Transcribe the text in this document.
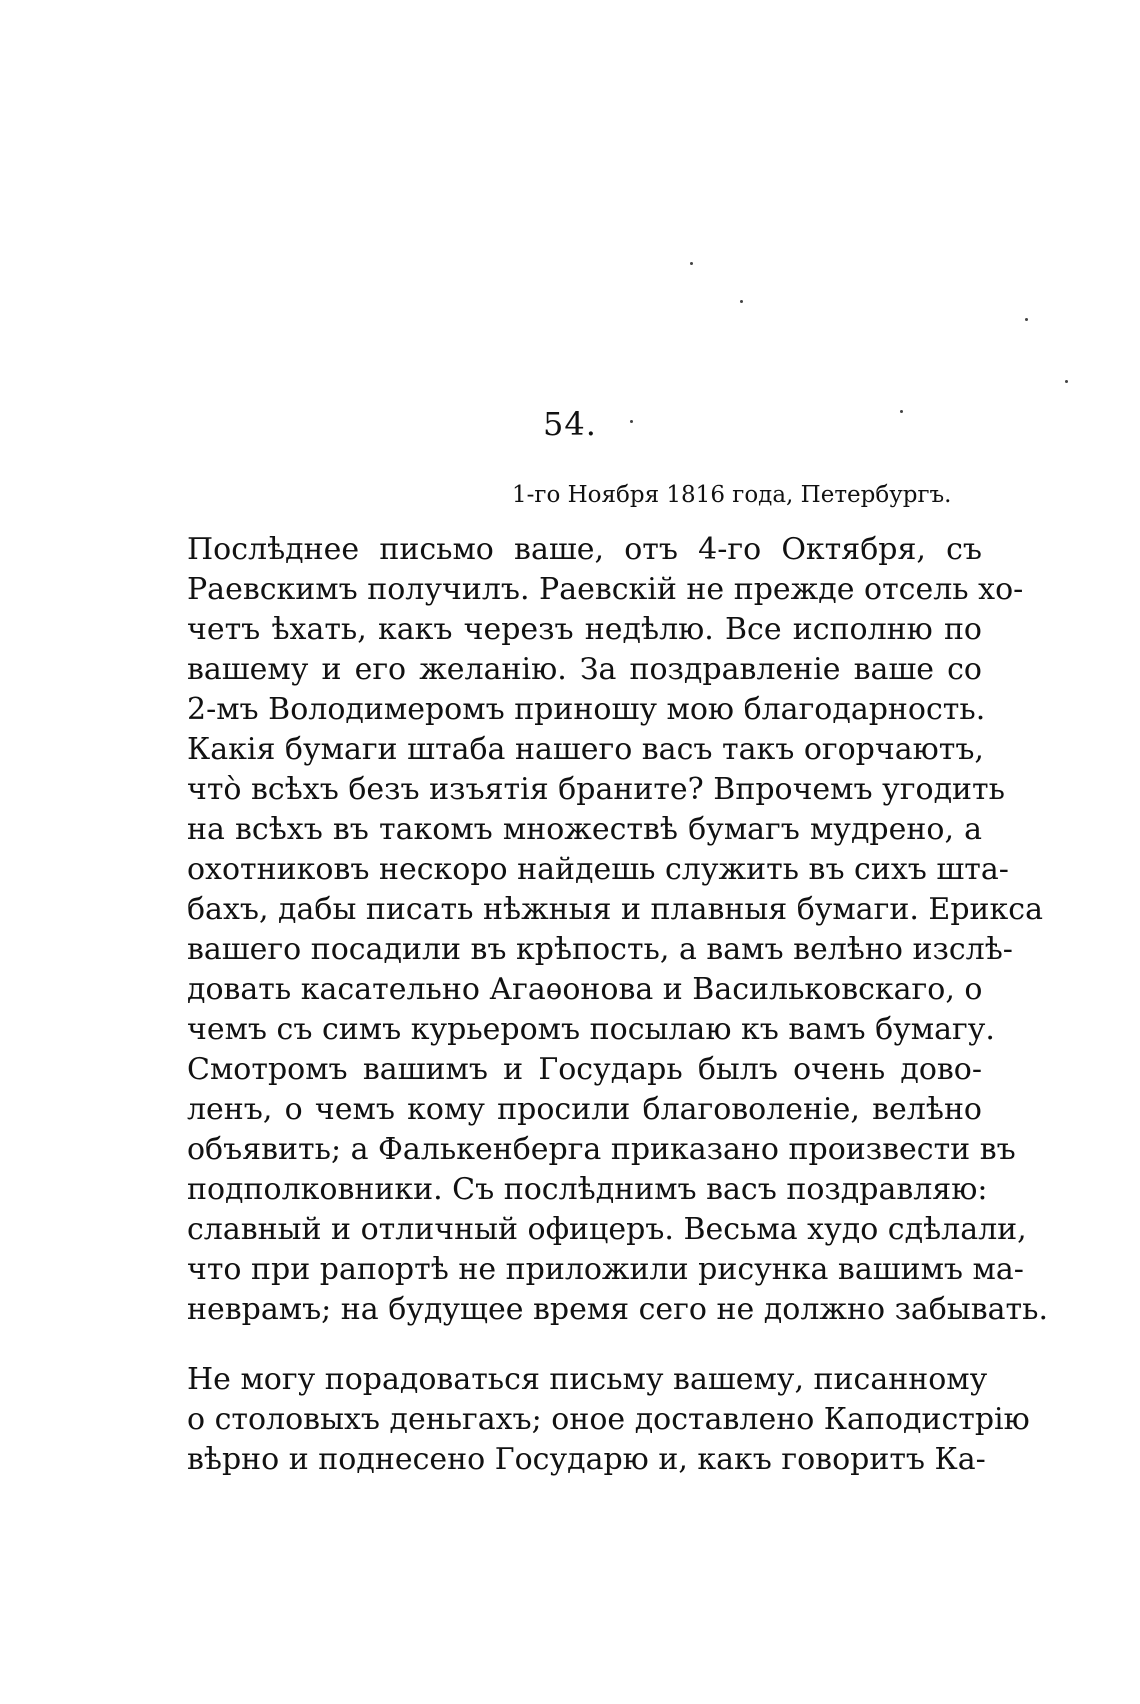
54.
1-го Ноября 1816 года, Петербургъ.
Послѣднее письмо ваше, отъ 4-го Октября, съ
Раевскимъ получилъ. Раевскій не прежде отсель хо-
четъ ѣхать, какъ черезъ недѣлю. Все исполню по
вашему и его желанію. За поздравленіе ваше со
2-мъ Володимеромъ приношу мою благодарность.
Какія бумаги штаба нашего васъ такъ огорчаютъ,
что̀ всѣхъ безъ изъятія браните? Впрочемъ угодить
на всѣхъ въ такомъ множествѣ бумагъ мудрено, а
охотниковъ нескоро найдешь служить въ сихъ шта-
бахъ, дабы писать нѣжныя и плавныя бумаги. Ерикса
вашего посадили въ крѣпость, а вамъ велѣно изслѣ-
довать касательно Агаѳонова и Васильковскаго, о
чемъ съ симъ курьеромъ посылаю къ вамъ бумагу.
Смотромъ вашимъ и Государь былъ очень дово-
ленъ, о чемъ кому просили благоволеніе, велѣно
объявить; а Фалькенберга приказано произвести въ
подполковники. Съ послѣднимъ васъ поздравляю:
славный и отличный офицеръ. Весьма худо сдѣлали,
что при рапортѣ не приложили рисунка вашимъ ма-
неврамъ; на будущее время сего не должно забывать.
Не могу порадоваться письму вашему, писанному
о столовыхъ деньгахъ; оное доставлено Каподистрію
вѣрно и поднесено Государю и, какъ говоритъ Ка-
